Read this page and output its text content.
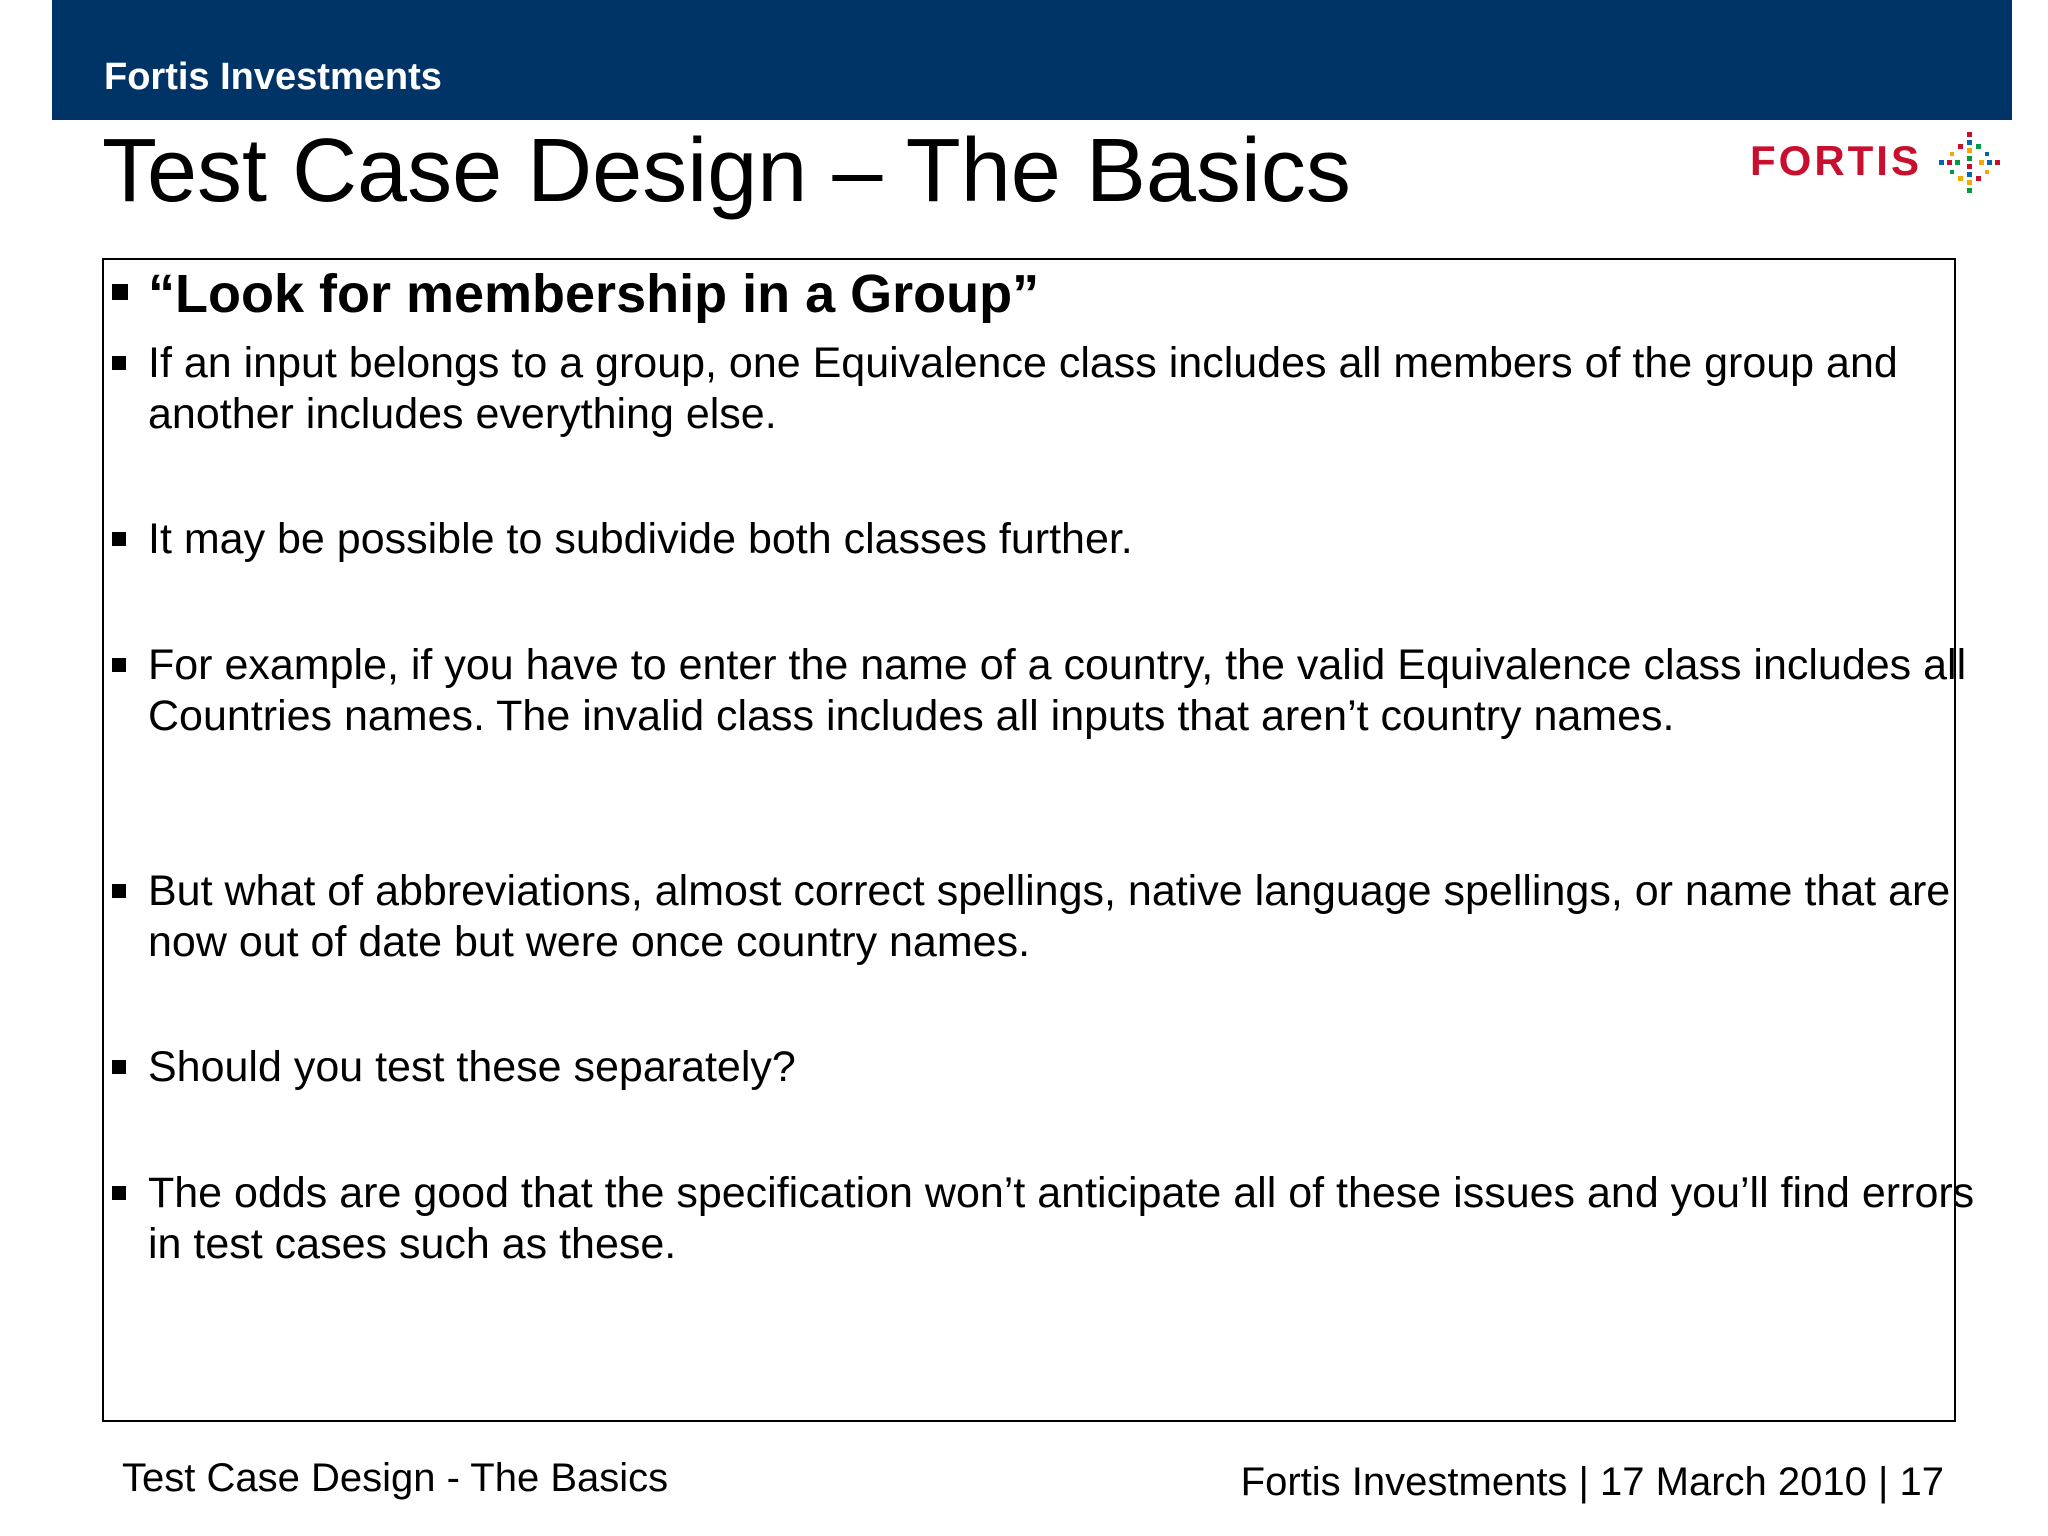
Fortis Investments
Test Case Design – The Basics	FORTIS
“Look for membership in a Group”
If an input belongs to a group, one Equivalence class includes all members of the group and another includes everything else.
It may be possible to subdivide both classes further.
For example, if you have to enter the name of a country, the valid Equivalence class includes all Countries names. The invalid class includes all inputs that aren’t country names.
But what of abbreviations, almost correct spellings, native language spellings, or name that are now out of date but were once country names.
Should you test these separately?
The odds are good that the specification won’t anticipate all of these issues and you’ll find errors in test cases such as these.
Test Case Design - The Basics	Fortis Investments | 17 March 2010 | 17
